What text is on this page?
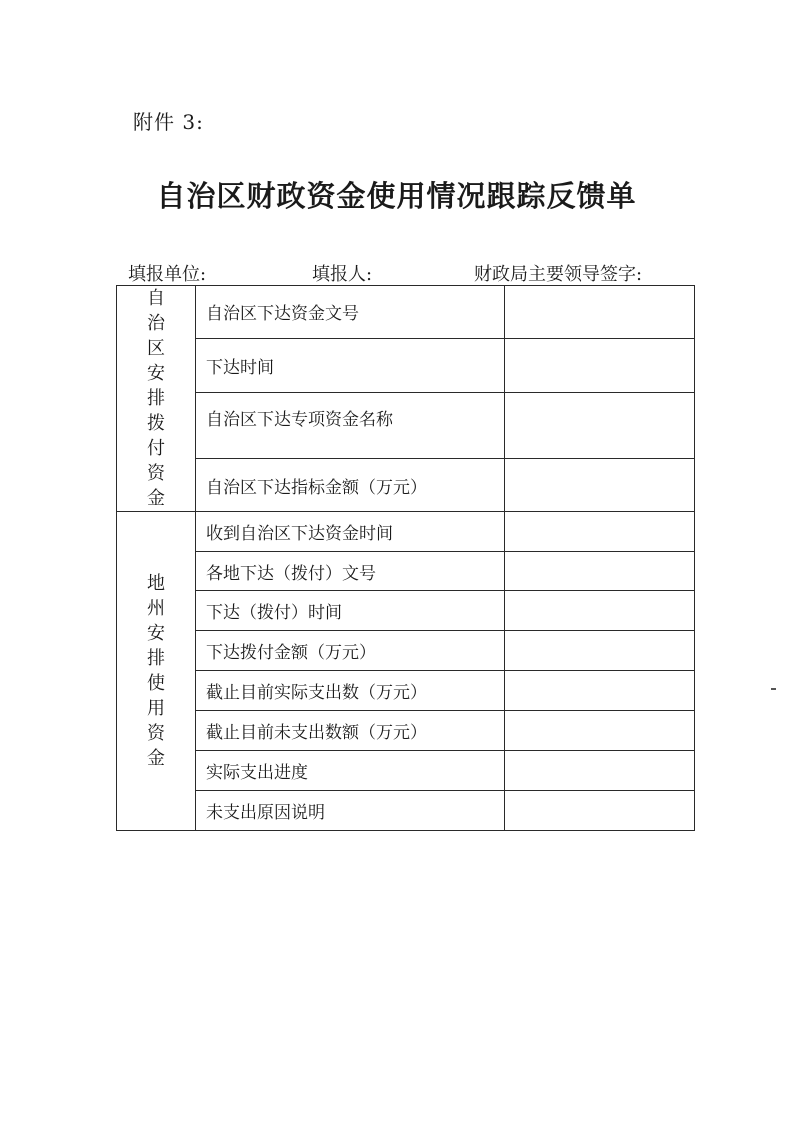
附件 3:
自治区财政资金使用情况跟踪反馈单
填报单位:	填报人:	财政局主要领导签字:
自治区安排拨付资金	自治区下达资金文号	
	下达时间	
	自治区下达专项资金名称	
	自治区下达指标金额（万元）	
地州安排使用资金	收到自治区下达资金时间	
	各地下达（拨付）文号	
	下达（拨付）时间	
	下达拨付金额（万元）	
	截止目前实际支出数（万元）	
	截止目前未支出数额（万元）	
	实际支出进度	
	未支出原因说明	
